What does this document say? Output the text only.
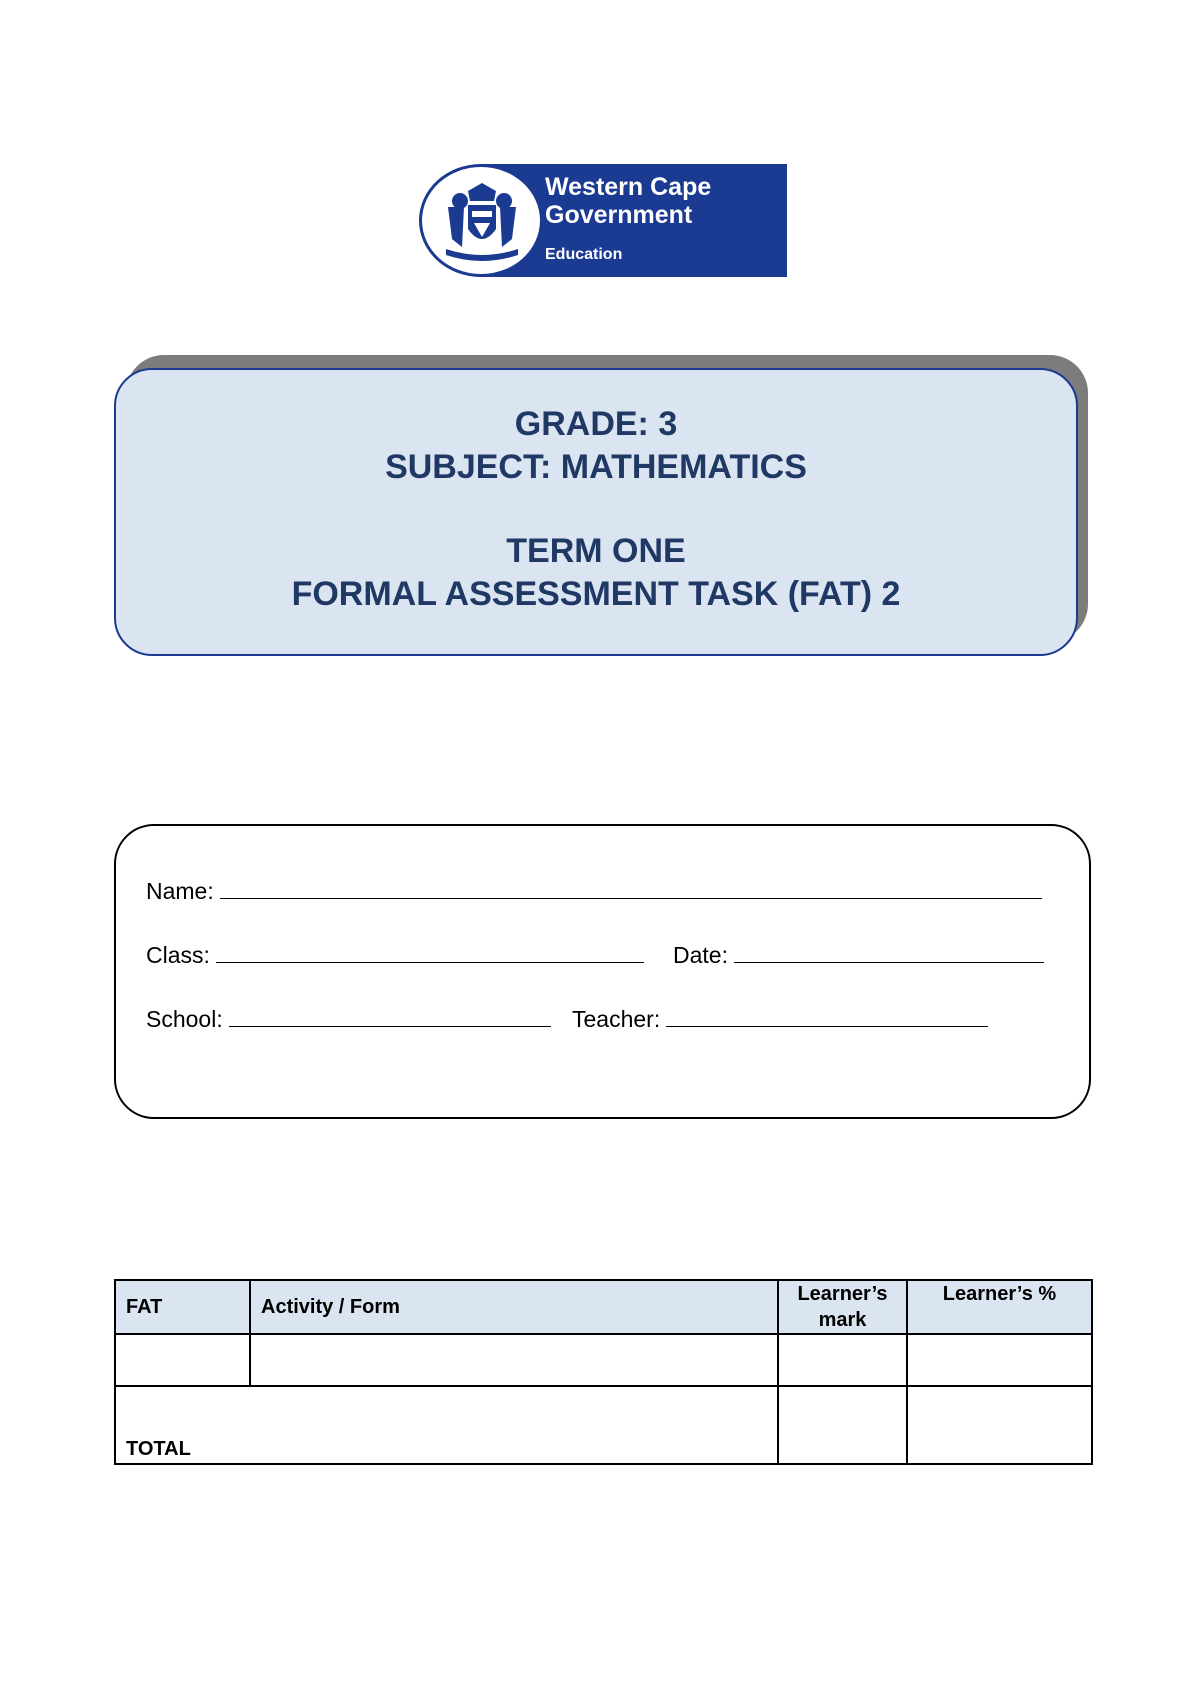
Western Cape
Government
Education
GRADE: 3
SUBJECT: MATHEMATICS
TERM ONE
FORMAL ASSESSMENT TASK (FAT) 2
Name:
Class:	Date:
School:	Teacher:
FAT	Activity / Form	Learner’s mark	Learner’s %

TOTAL			
